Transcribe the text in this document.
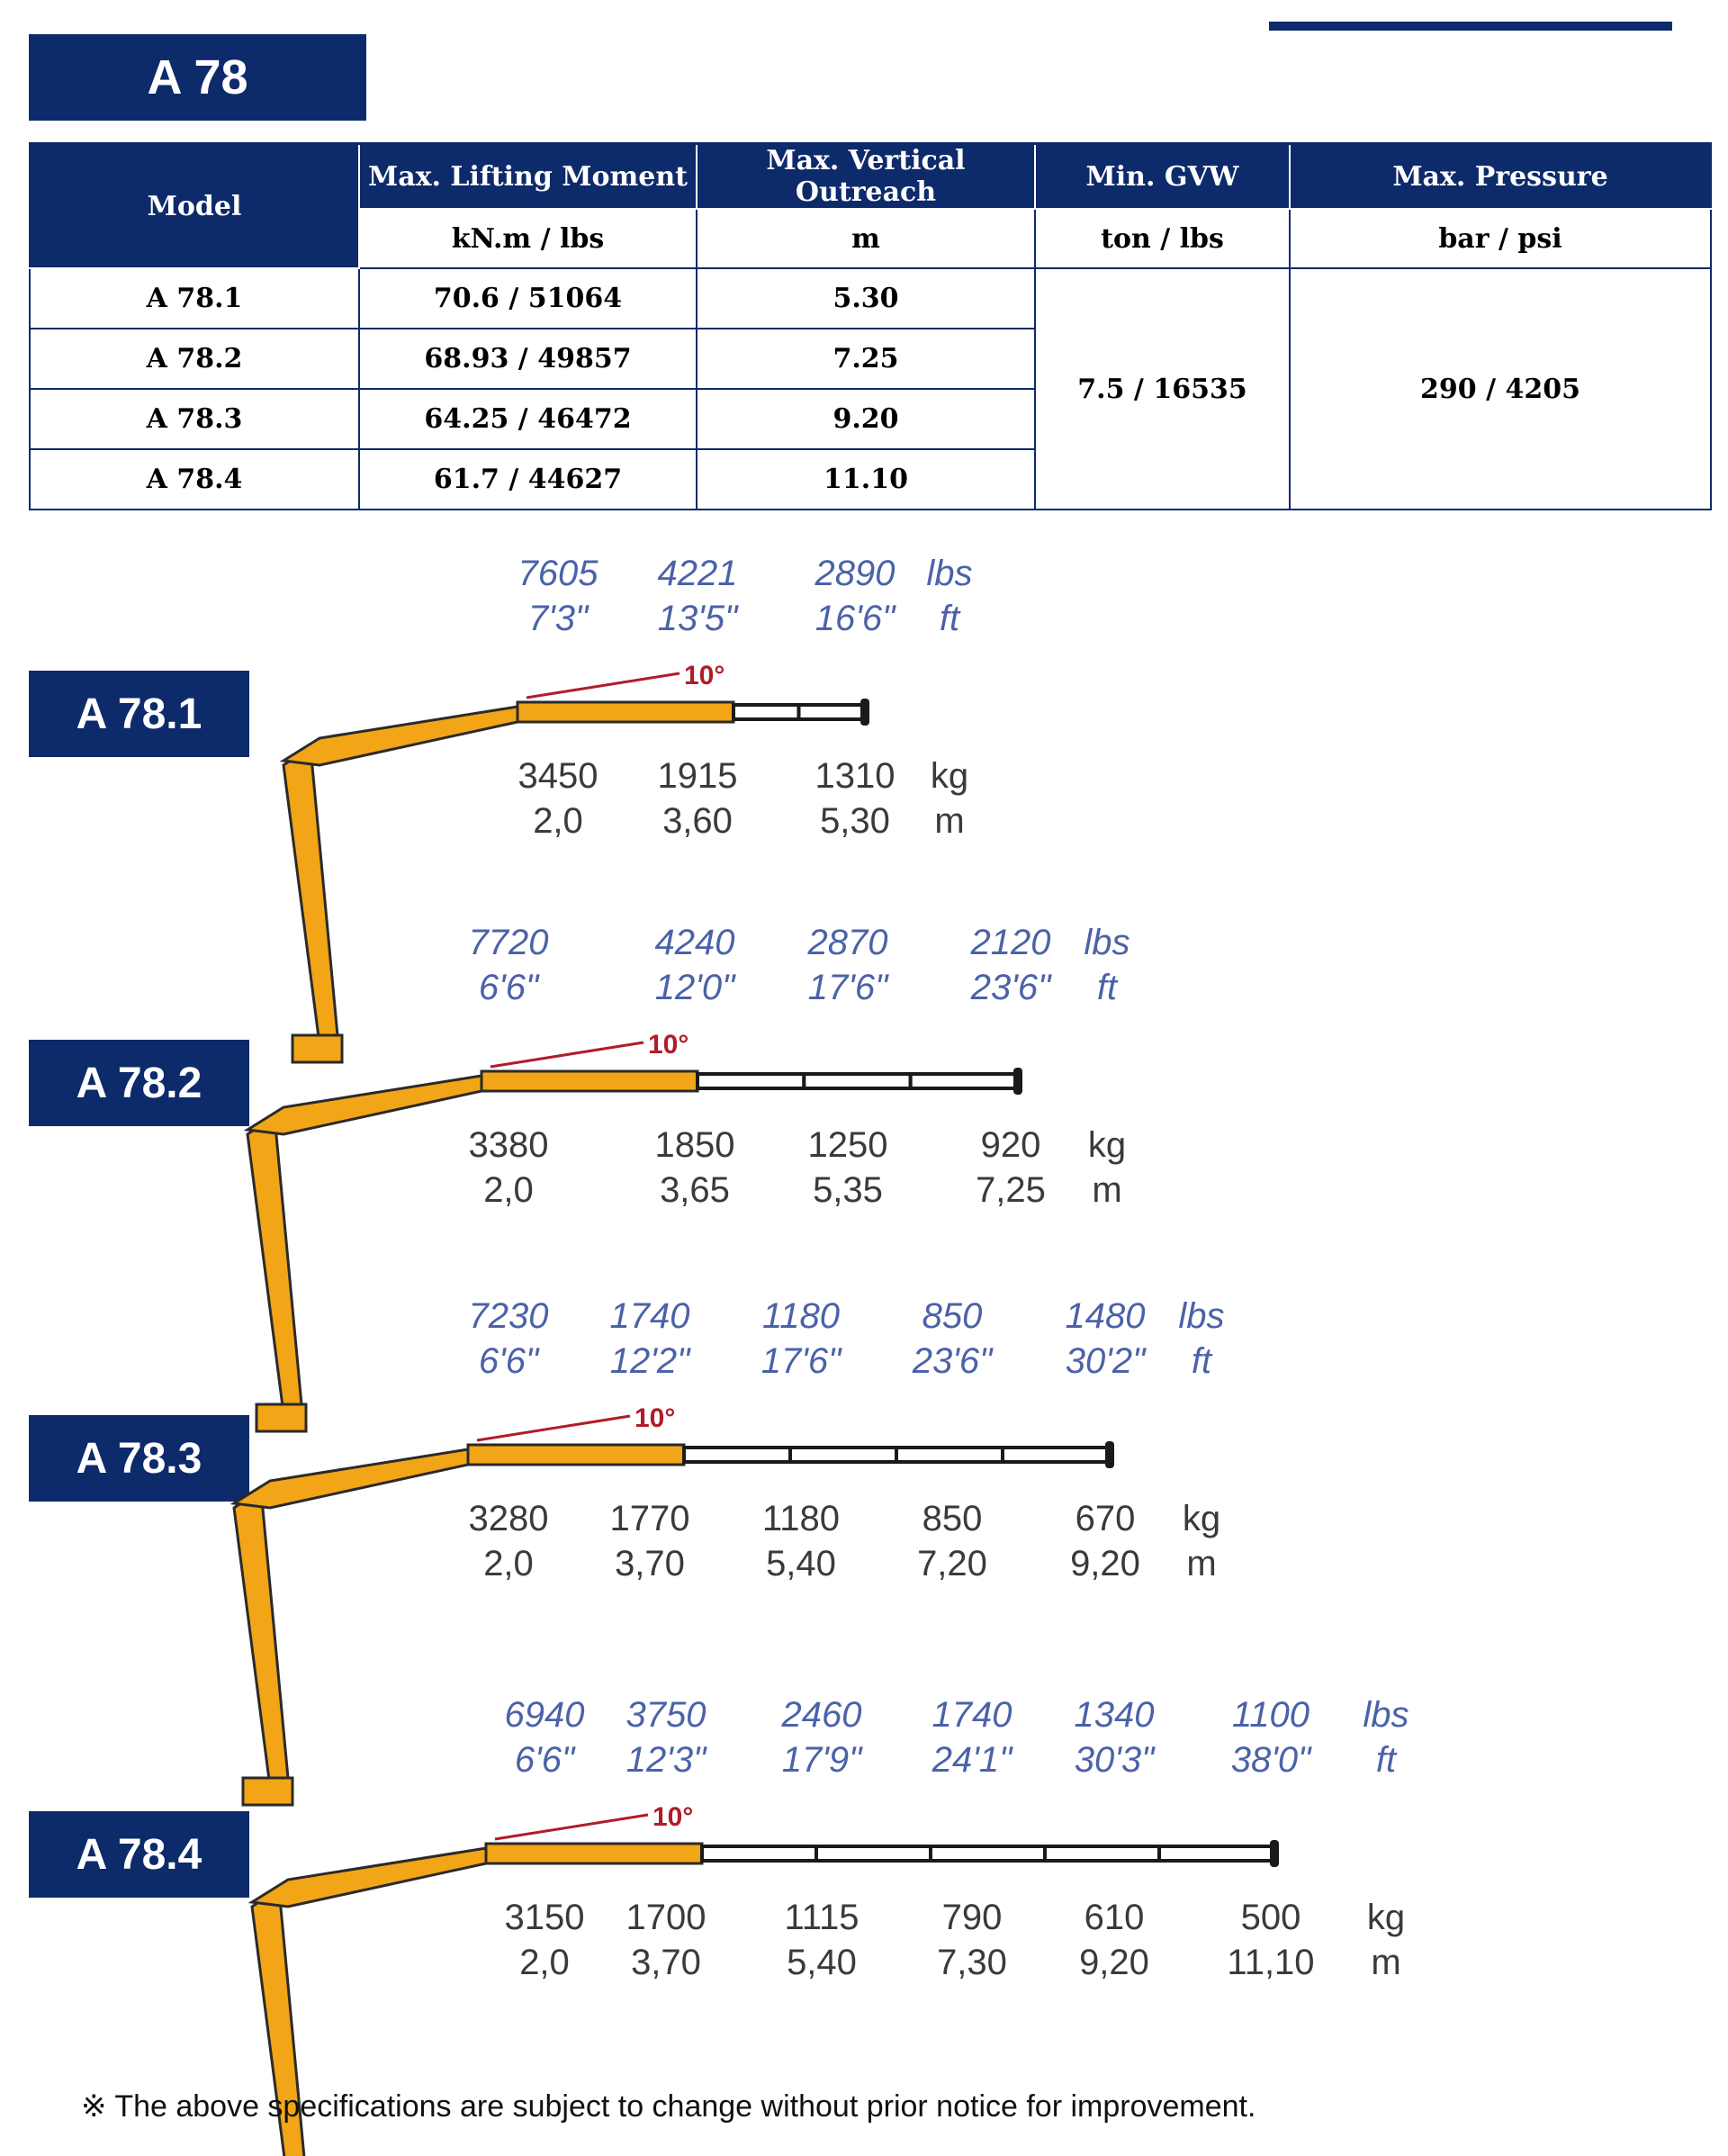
A 78
Model	Max. Lifting Moment	Max. Vertical Outreach	Min. GVW	Max. Pressure
	kN.m / lbs	m	ton / lbs	bar / psi
A 78.1	70.6 / 51064	5.30	7.5 / 16535	290 / 4205
A 78.2	68.93 / 49857	7.25		
A 78.3	64.25 / 46472	9.20		
A 78.4	61.7 / 44627	11.10		
A 78.1
7605 4221 2890
7'3" 13'5" 16'6"
lbs
ft
3450 1915 1310
2,0 3,60 5,30
kg
m
10°
A 78.2
7720	4240 2870 2120
6'6"	12'0" 17'6" 23'6"
lbs
ft
3380	1850 1250	920
2,0	3,65 5,35	7,25
kg
m
10°
A 78.3
7230 1740 1180 850 1480
6'6" 12'2" 17'6" 23'6" 30'2"
lbs
ft
3280 1770 1180 850	670
2,0 3,70 5,40 7,20 9,20
kg
m
10°
A 78.4
6940 3750 2460 1740 1340 1100
6'6" 12'3" 17'9" 24'1" 30'3" 38'0"
lbs
ft
3150 1700 1115 790 610	500
2,0 3,70 5,40 7,30 9,20 11,10
kg
m
10°
※ The above specifications are subject to change without prior notice for improvement.
